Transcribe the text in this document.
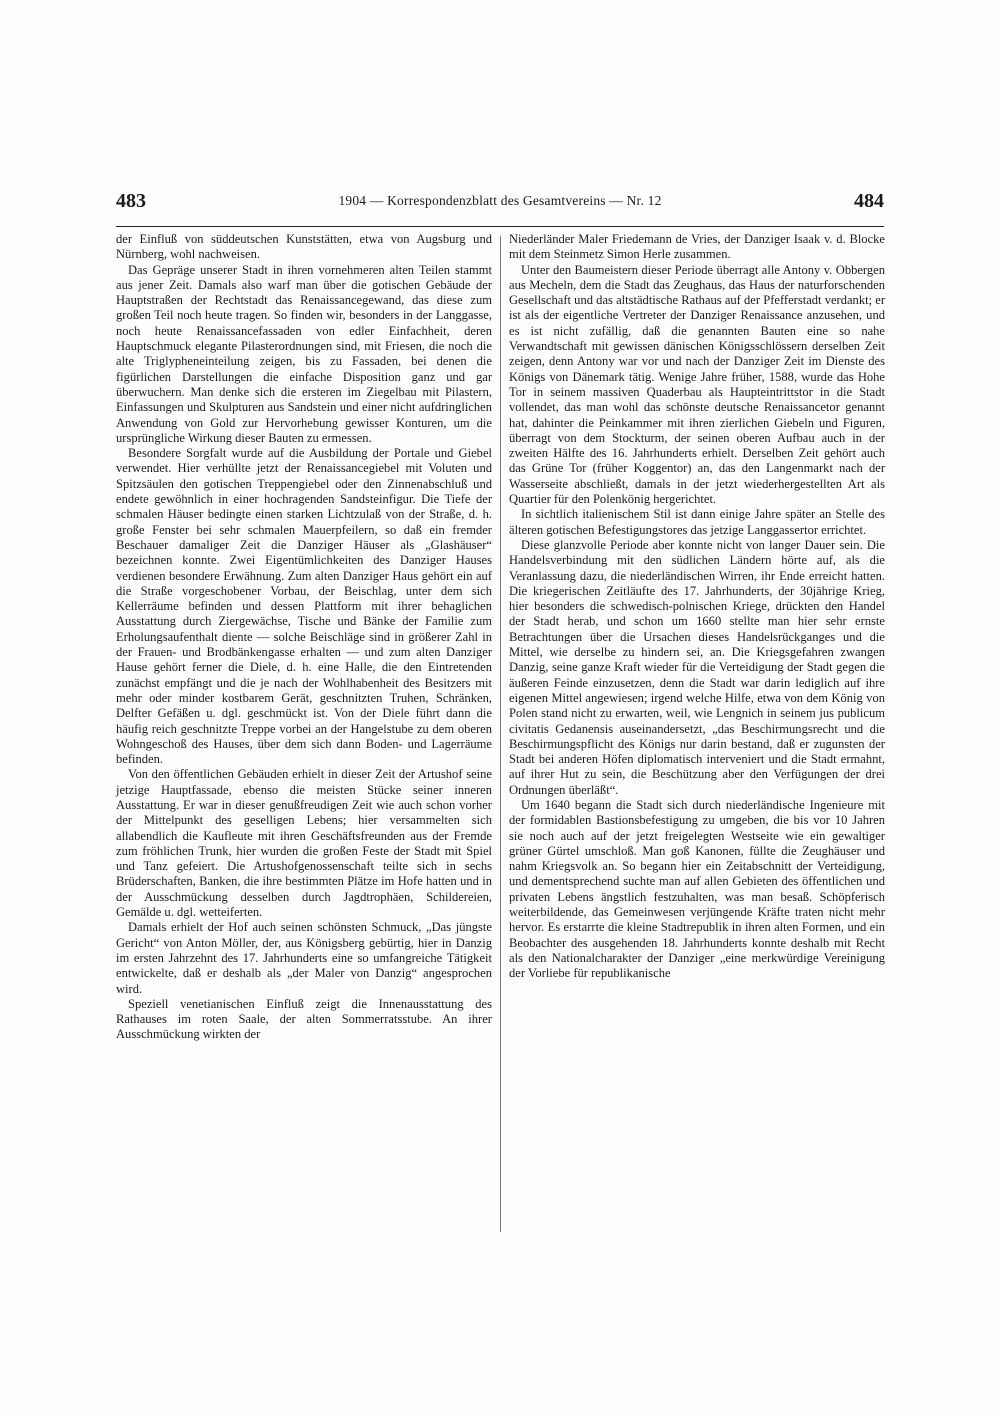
483	1904 — Korrespondenzblatt des Gesamtvereins — Nr. 12	484

der Einfluß von süddeutschen Kunststätten, etwa von Augsburg und Nürnberg, wohl nachweisen.

Das Gepräge unserer Stadt in ihren vornehmeren alten Teilen stammt aus jener Zeit. Damals also warf man über die gotischen Gebäude der Hauptstraßen der Rechtstadt das Renaissancegewand, das diese zum großen Teil noch heute tragen. So finden wir, besonders in der Langgasse, noch heute Renaissancefassaden von edler Einfachheit, deren Hauptschmuck elegante Pilasterordnungen sind, mit Friesen, die noch die alte Triglypheneinteilung zeigen, bis zu Fassaden, bei denen die figürlichen Darstellungen die einfache Disposition ganz und gar überwuchern. Man denke sich die ersteren im Ziegelbau mit Pilastern, Einfassungen und Skulpturen aus Sandstein und einer nicht aufdringlichen Anwendung von Gold zur Hervorhebung gewisser Konturen, um die ursprüngliche Wirkung dieser Bauten zu ermessen.

Besondere Sorgfalt wurde auf die Ausbildung der Portale und Giebel verwendet. Hier verhüllte jetzt der Renaissancegiebel mit Voluten und Spitzsäulen den gotischen Treppengiebel oder den Zinnenabschluß und endete gewöhnlich in einer hochragenden Sandsteinfigur. Die Tiefe der schmalen Häuser bedingte einen starken Lichtzulaß von der Straße, d. h. große Fenster bei sehr schmalen Mauerpfeilern, so daß ein fremder Beschauer damaliger Zeit die Danziger Häuser als „Glashäuser“ bezeichnen konnte. Zwei Eigentümlichkeiten des Danziger Hauses verdienen besondere Erwähnung. Zum alten Danziger Haus gehört ein auf die Straße vorgeschobener Vorbau, der Beischlag, unter dem sich Kellerräume befinden und dessen Plattform mit ihrer behaglichen Ausstattung durch Ziergewächse, Tische und Bänke der Familie zum Erholungsaufenthalt diente — solche Beischläge sind in größerer Zahl in der Frauen- und Brodbänkengasse erhalten — und zum alten Danziger Hause gehört ferner die Diele, d. h. eine Halle, die den Eintretenden zunächst empfängt und die je nach der Wohlhabenheit des Besitzers mit mehr oder minder kostbarem Gerät, geschnitzten Truhen, Schränken, Delfter Gefäßen u. dgl. geschmückt ist. Von der Diele führt dann die häufig reich geschnitzte Treppe vorbei an der Hangelstube zu dem oberen Wohngeschoß des Hauses, über dem sich dann Boden- und Lagerräume befinden.

Von den öffentlichen Gebäuden erhielt in dieser Zeit der Artushof seine jetzige Hauptfassade, ebenso die meisten Stücke seiner inneren Ausstattung. Er war in dieser genußfreudigen Zeit wie auch schon vorher der Mittelpunkt des geselligen Lebens; hier versammelten sich allabendlich die Kaufleute mit ihren Geschäftsfreunden aus der Fremde zum fröhlichen Trunk, hier wurden die großen Feste der Stadt mit Spiel und Tanz gefeiert. Die Artushofgenossenschaft teilte sich in sechs Brüderschaften, Banken, die ihre bestimmten Plätze im Hofe hatten und in der Ausschmückung desselben durch Jagdtrophäen, Schildereien, Gemälde u. dgl. wetteiferten.

Damals erhielt der Hof auch seinen schönsten Schmuck, „Das jüngste Gericht“ von Anton Möller, der, aus Königsberg gebürtig, hier in Danzig im ersten Jahrzehnt des 17. Jahrhunderts eine so umfangreiche Tätigkeit entwickelte, daß er deshalb als „der Maler von Danzig“ angesprochen wird.

Speziell venetianischen Einfluß zeigt die Innenausstattung des Rathauses im roten Saale, der alten Sommerratsstube. An ihrer Ausschmückung wirkten der

Niederländer Maler Friedemann de Vries, der Danziger Isaak v. d. Blocke mit dem Steinmetz Simon Herle zusammen.

Unter den Baumeistern dieser Periode überragt alle Antony v. Obbergen aus Mecheln, dem die Stadt das Zeughaus, das Haus der naturforschenden Gesellschaft und das altstädtische Rathaus auf der Pfefferstadt verdankt; er ist als der eigentliche Vertreter der Danziger Renaissance anzusehen, und es ist nicht zufällig, daß die genannten Bauten eine so nahe Verwandtschaft mit gewissen dänischen Königsschlössern derselben Zeit zeigen, denn Antony war vor und nach der Danziger Zeit im Dienste des Königs von Dänemark tätig. Wenige Jahre früher, 1588, wurde das Hohe Tor in seinem massiven Quaderbau als Haupteintrittstor in die Stadt vollendet, das man wohl das schönste deutsche Renaissancetor genannt hat, dahinter die Peinkammer mit ihren zierlichen Giebeln und Figuren, überragt von dem Stockturm, der seinen oberen Aufbau auch in der zweiten Hälfte des 16. Jahrhunderts erhielt. Derselben Zeit gehört auch das Grüne Tor (früher Koggentor) an, das den Langenmarkt nach der Wasserseite abschließt, damals in der jetzt wiederhergestellten Art als Quartier für den Polenkönig hergerichtet.

In sichtlich italienischem Stil ist dann einige Jahre später an Stelle des älteren gotischen Befestigungstores das jetzige Langgassertor errichtet.

Diese glanzvolle Periode aber konnte nicht von langer Dauer sein. Die Handelsverbindung mit den südlichen Ländern hörte auf, als die Veranlassung dazu, die niederländischen Wirren, ihr Ende erreicht hatten. Die kriegerischen Zeitläufte des 17. Jahrhunderts, der 30jährige Krieg, hier besonders die schwedisch-polnischen Kriege, drückten den Handel der Stadt herab, und schon um 1660 stellte man hier sehr ernste Betrachtungen über die Ursachen dieses Handelsrückganges und die Mittel, wie derselbe zu hindern sei, an. Die Kriegsgefahren zwangen Danzig, seine ganze Kraft wieder für die Verteidigung der Stadt gegen die äußeren Feinde einzusetzen, denn die Stadt war darin lediglich auf ihre eigenen Mittel angewiesen; irgend welche Hilfe, etwa von dem König von Polen stand nicht zu erwarten, weil, wie Lengnich in seinem jus publicum civitatis Gedanensis auseinandersetzt, „das Beschirmungsrecht und die Beschirmungspflicht des Königs nur darin bestand, daß er zugunsten der Stadt bei anderen Höfen diplomatisch interveniert und die Stadt ermahnt, auf ihrer Hut zu sein, die Beschützung aber den Verfügungen der drei Ordnungen überläßt“.

Um 1640 begann die Stadt sich durch niederländische Ingenieure mit der formidablen Bastionsbefestigung zu umgeben, die bis vor 10 Jahren sie noch auch auf der jetzt freigelegten Westseite wie ein gewaltiger grüner Gürtel umschloß. Man goß Kanonen, füllte die Zeughäuser und nahm Kriegsvolk an. So begann hier ein Zeitabschnitt der Verteidigung, und dementsprechend suchte man auf allen Gebieten des öffentlichen und privaten Lebens ängstlich festzuhalten, was man besaß. Schöpferisch weiterbildende, das Gemeinwesen verjüngende Kräfte traten nicht mehr hervor. Es erstarrte die kleine Stadtrepublik in ihren alten Formen, und ein Beobachter des ausgehenden 18. Jahrhunderts konnte deshalb mit Recht als den Nationalcharakter der Danziger „eine merkwürdige Vereinigung der Vorliebe für republikanische
